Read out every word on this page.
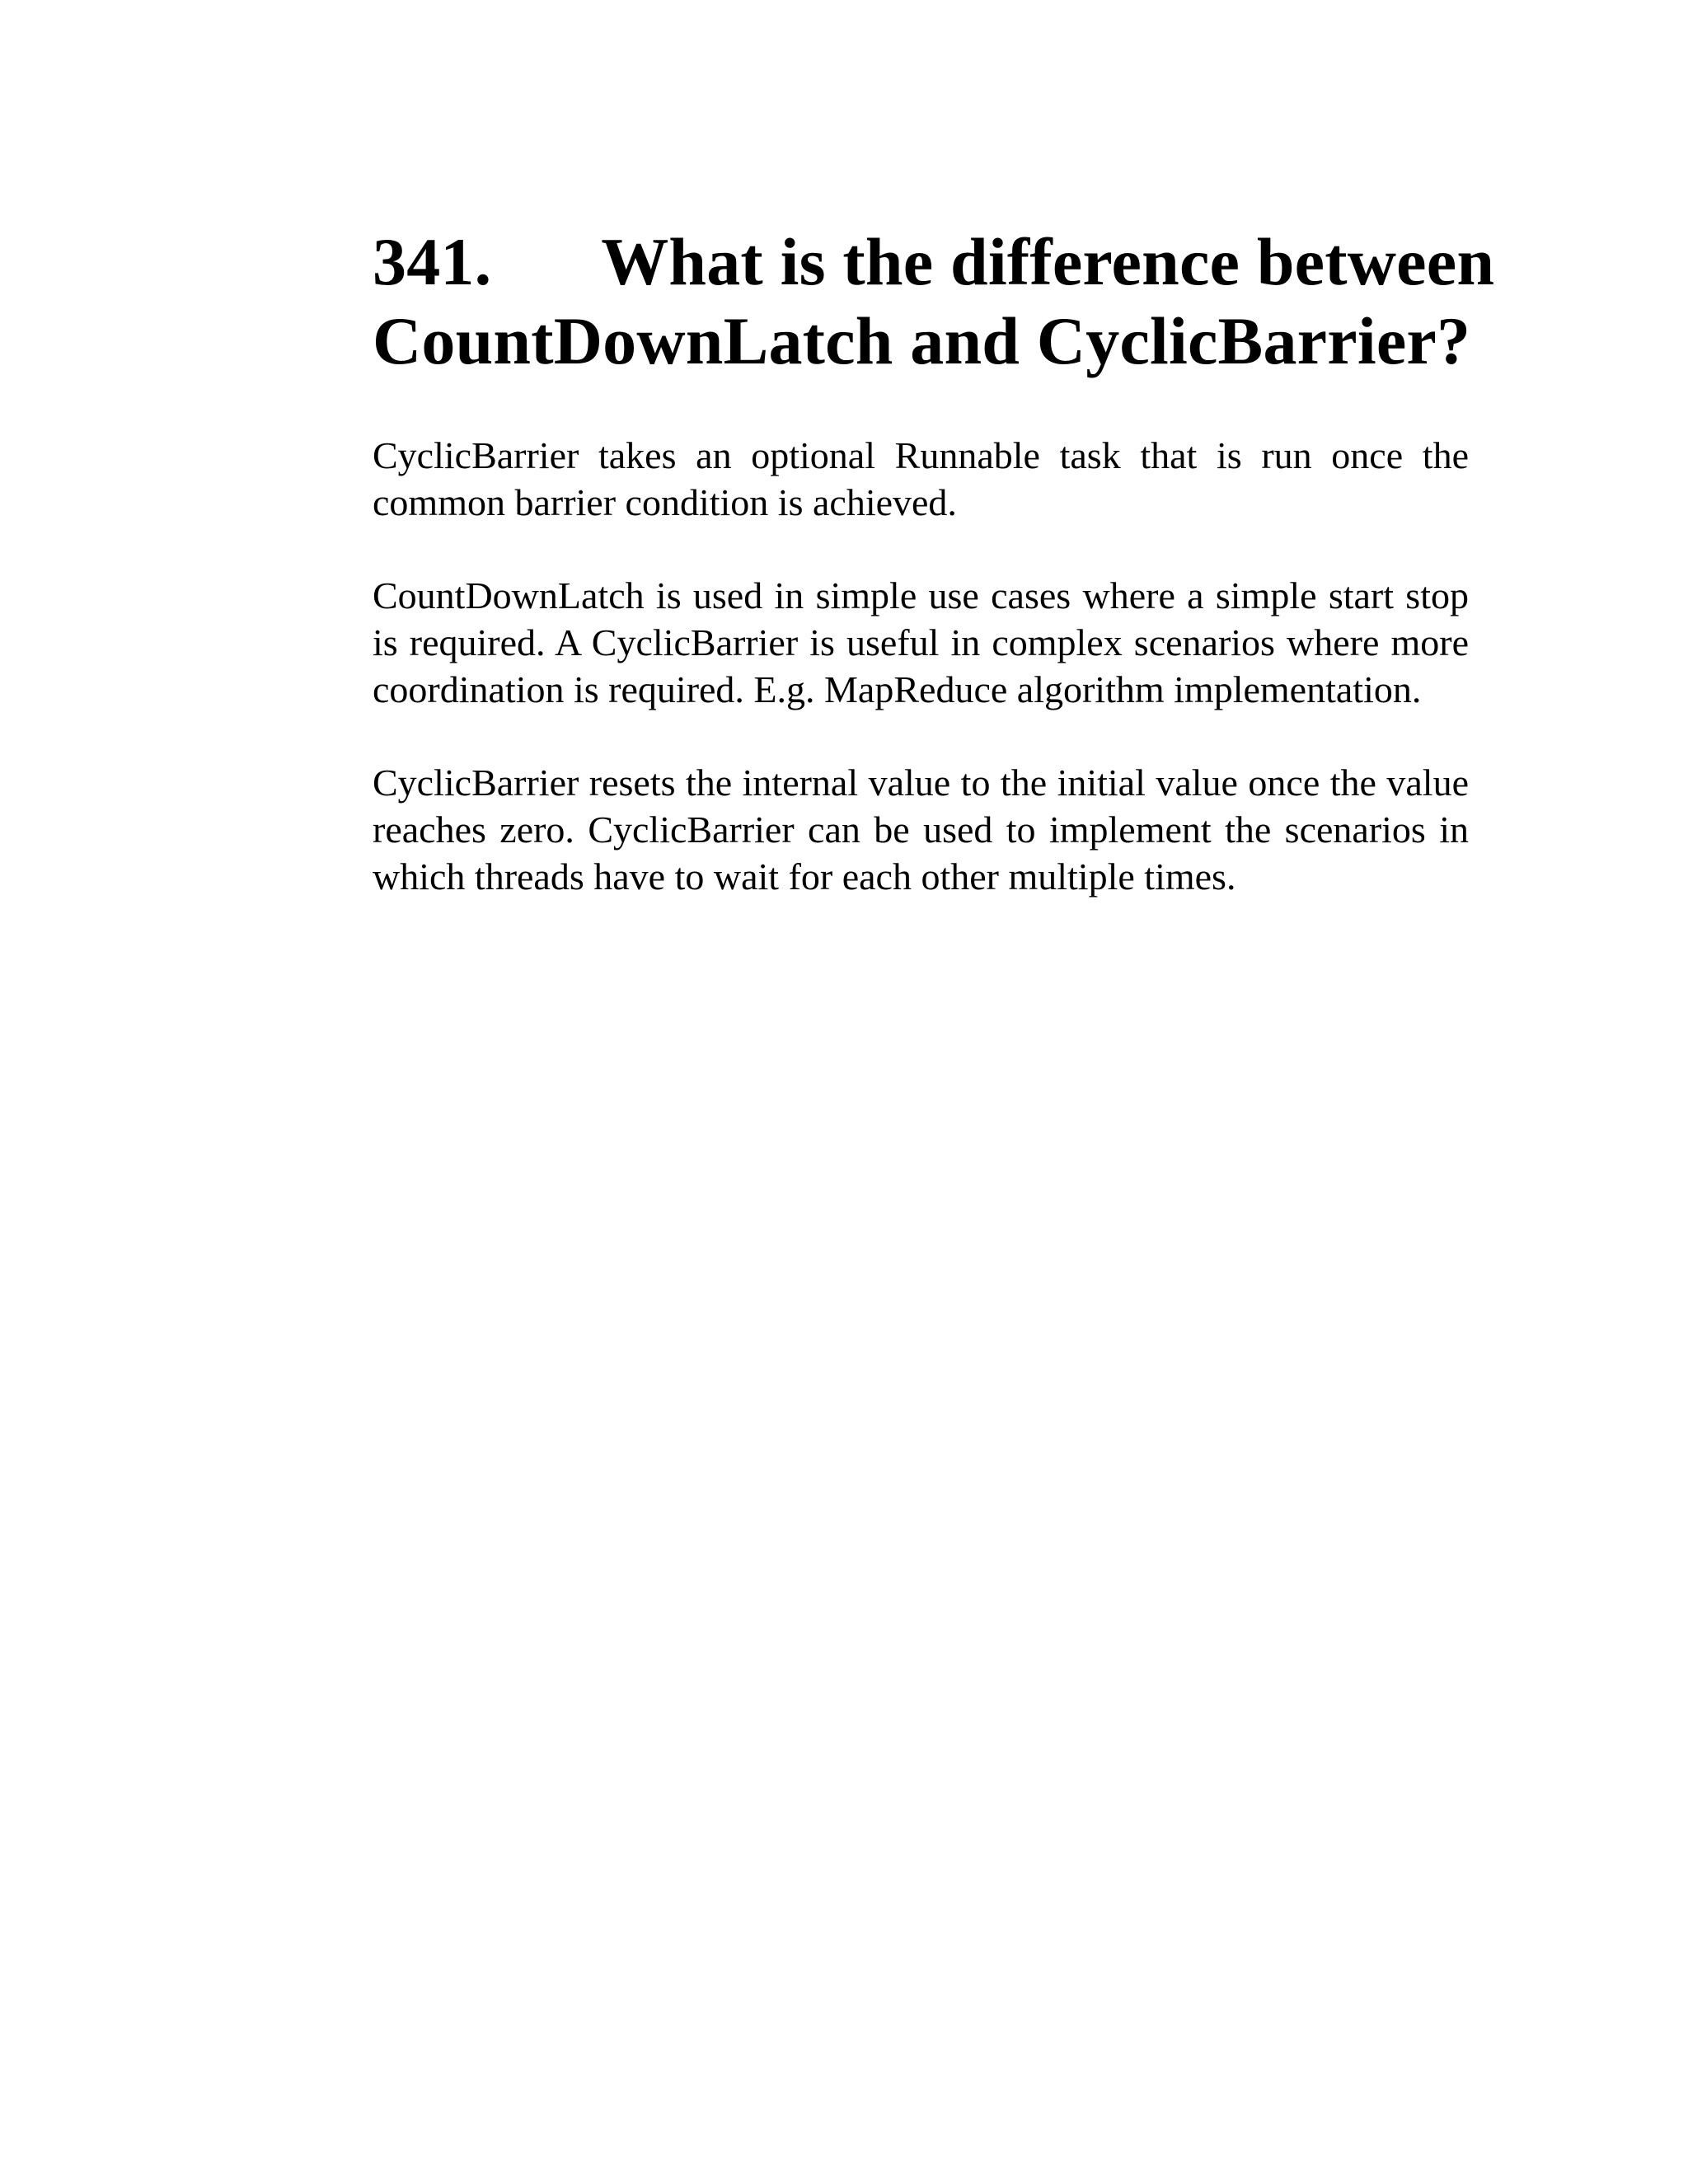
341. What is the difference between
CountDownLatch and CyclicBarrier?

CyclicBarrier takes an optional Runnable task that is run once the common barrier condition is achieved.

CountDownLatch is used in simple use cases where a simple start stop is required. A CyclicBarrier is useful in complex scenarios where more coordination is required. E.g. MapReduce algorithm implementation.

CyclicBarrier resets the internal value to the initial value once the value reaches zero. CyclicBarrier can be used to implement the scenarios in which threads have to wait for each other multiple times.
